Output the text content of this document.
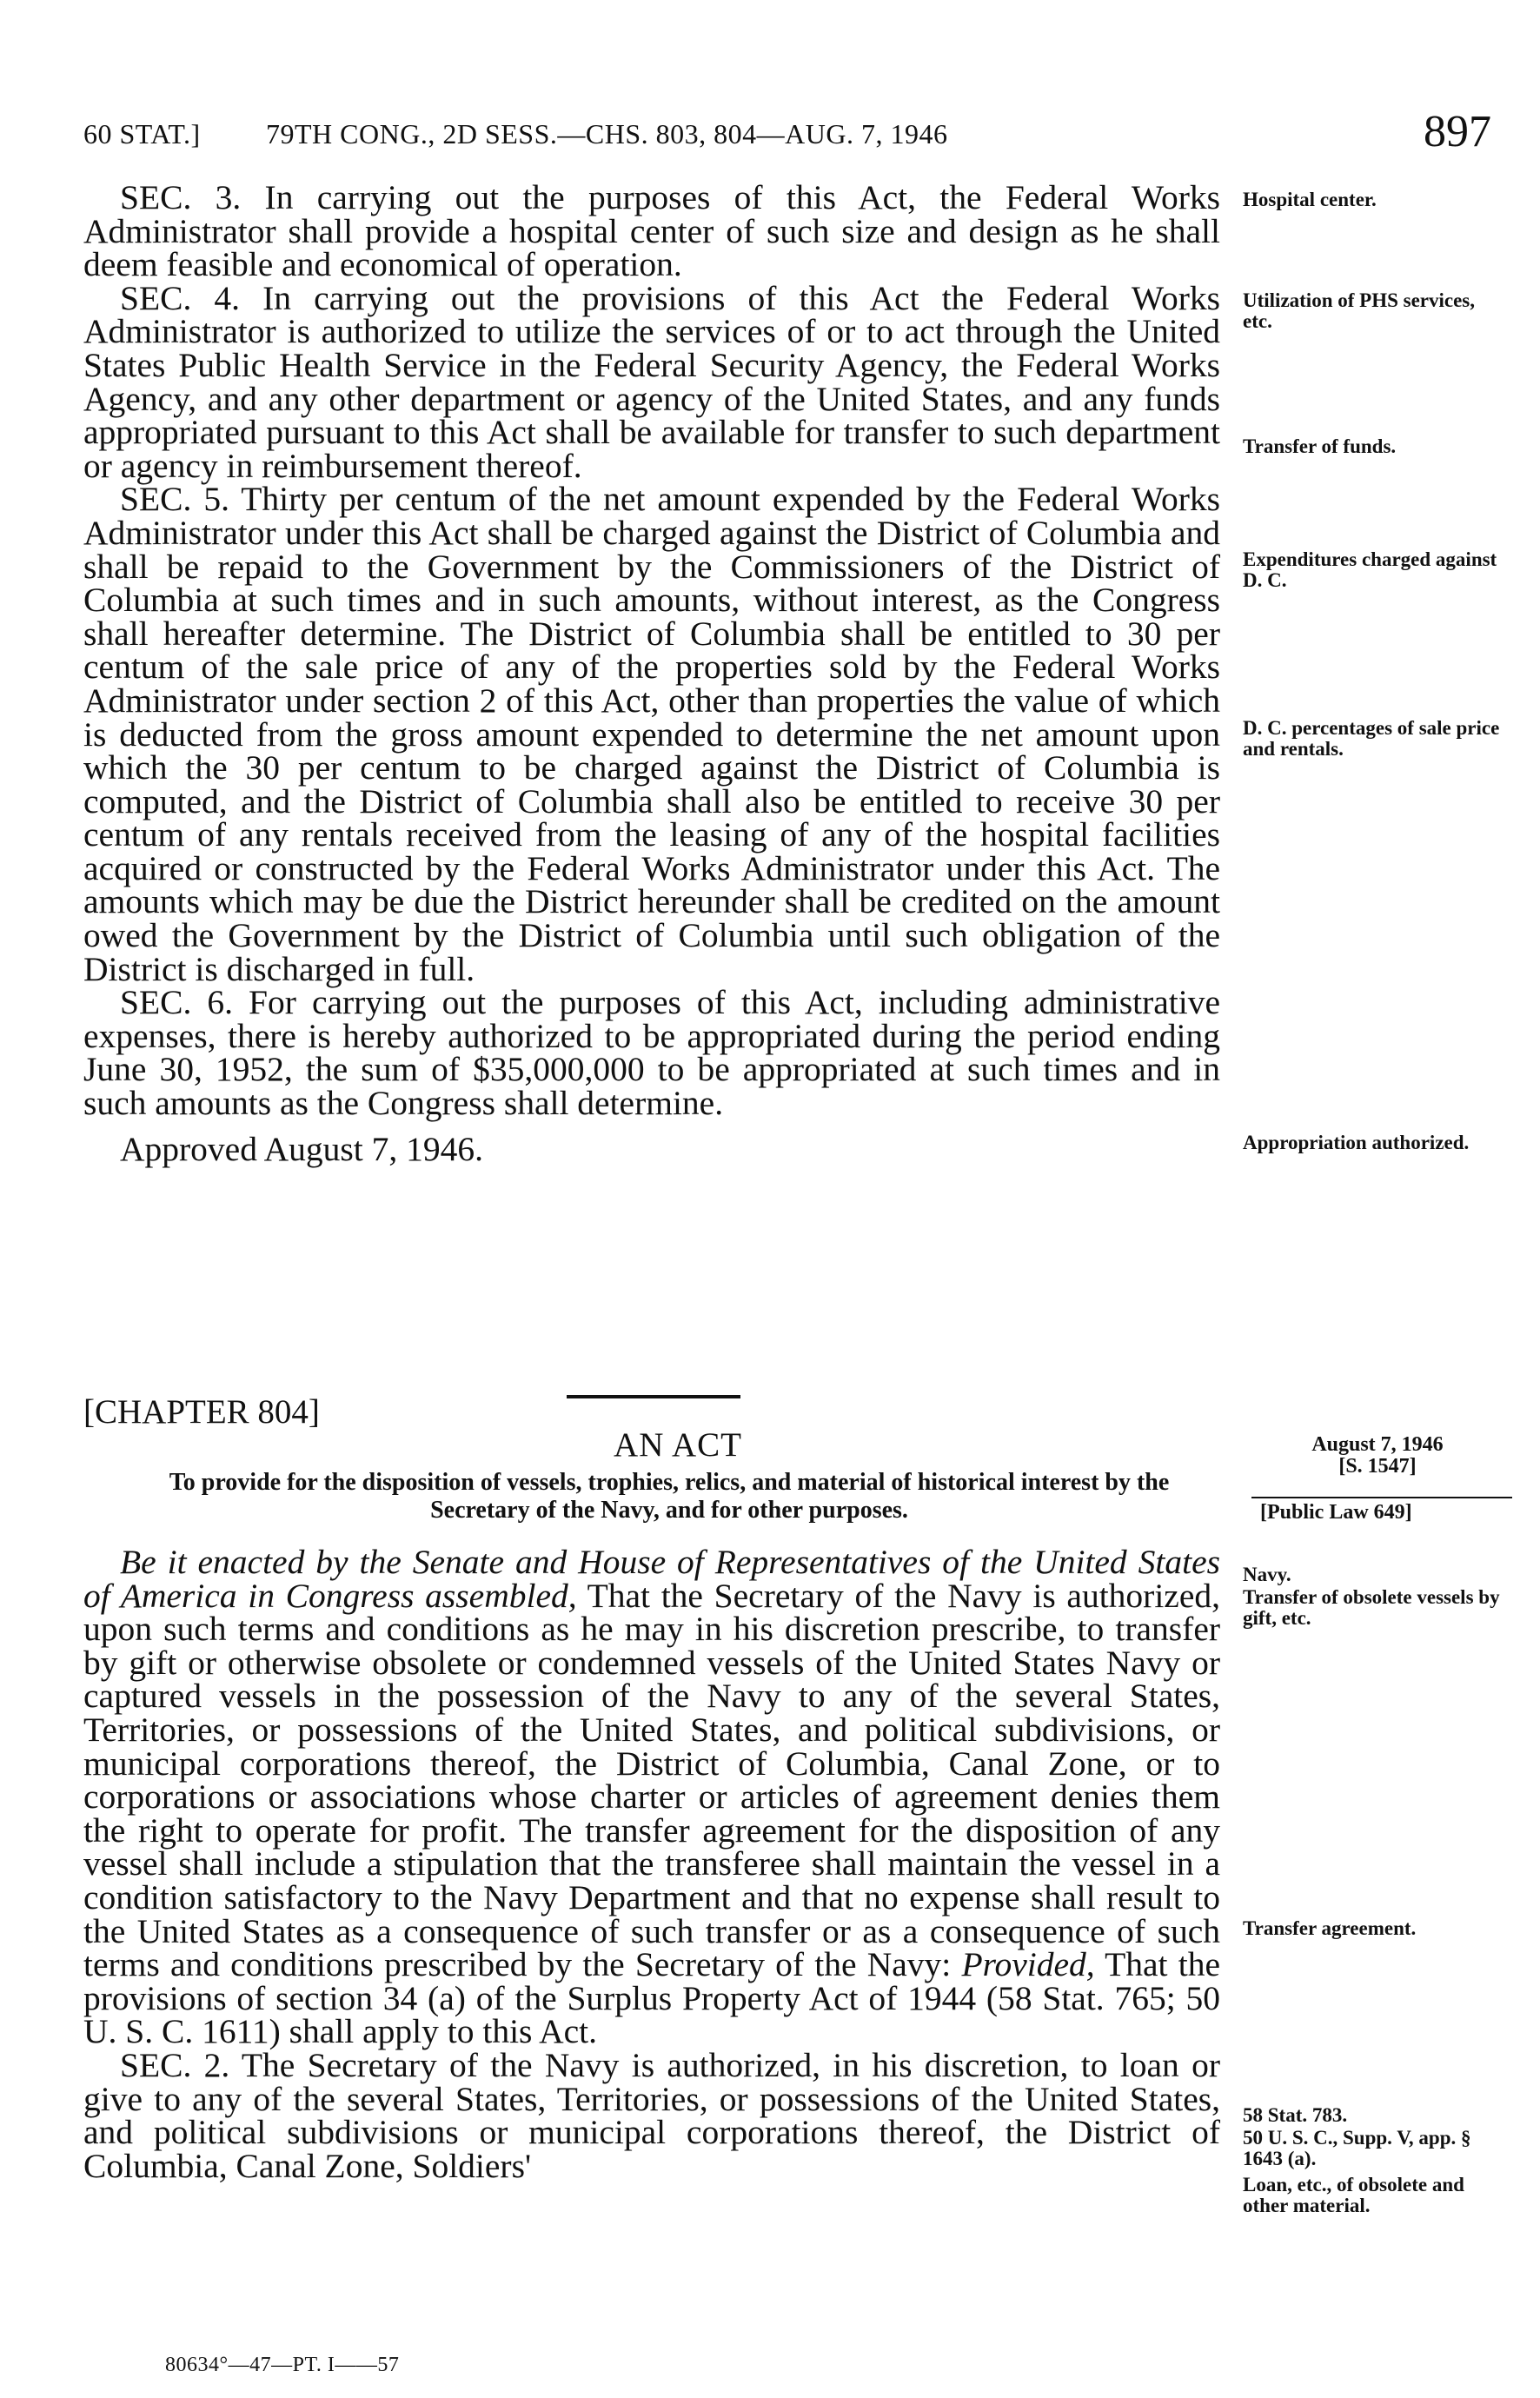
60 STAT.] 79TH CONG., 2D SESS.—CHS. 803, 804—AUG. 7, 1946	897

SEC. 3. In carrying out the purposes of this Act, the Federal Works Administrator shall provide a hospital center of such size and design as he shall deem feasible and economical of operation.

SEC. 4. In carrying out the provisions of this Act the Federal Works Administrator is authorized to utilize the services of or to act through the United States Public Health Service in the Federal Security Agency, the Federal Works Agency, and any other department or agency of the United States, and any funds appropriated pursuant to this Act shall be available for transfer to such department or agency in reimbursement thereof.

SEC. 5. Thirty per centum of the net amount expended by the Federal Works Administrator under this Act shall be charged against the District of Columbia and shall be repaid to the Government by the Commissioners of the District of Columbia at such times and in such amounts, without interest, as the Congress shall hereafter determine. The District of Columbia shall be entitled to 30 per centum of the sale price of any of the properties sold by the Federal Works Administrator under section 2 of this Act, other than properties the value of which is deducted from the gross amount expended to determine the net amount upon which the 30 per centum to be charged against the District of Columbia is computed, and the District of Columbia shall also be entitled to receive 30 per centum of any rentals received from the leasing of any of the hospital facilities acquired or constructed by the Federal Works Administrator under this Act. The amounts which may be due the District hereunder shall be credited on the amount owed the Government by the District of Columbia until such obligation of the District is discharged in full.

SEC. 6. For carrying out the purposes of this Act, including administrative expenses, there is hereby authorized to be appropriated during the period ending June 30, 1952, the sum of $35,000,000 to be appropriated at such times and in such amounts as the Congress shall determine.

Approved August 7, 1946.

[CHAPTER 804]
AN ACT
To provide for the disposition of vessels, trophies, relics, and material of historical interest by the Secretary of the Navy, and for other purposes.

Be it enacted by the Senate and House of Representatives of the United States of America in Congress assembled, That the Secretary of the Navy is authorized, upon such terms and conditions as he may in his discretion prescribe, to transfer by gift or otherwise obsolete or condemned vessels of the United States Navy or captured vessels in the possession of the Navy to any of the several States, Territories, or possessions of the United States, and political subdivisions, or municipal corporations thereof, the District of Columbia, Canal Zone, or to corporations or associations whose charter or articles of agreement denies them the right to operate for profit. The transfer agreement for the disposition of any vessel shall include a stipulation that the transferee shall maintain the vessel in a condition satisfactory to the Navy Department and that no expense shall result to the United States as a consequence of such transfer or as a consequence of such terms and conditions prescribed by the Secretary of the Navy: Provided, That the provisions of section 34 (a) of the Surplus Property Act of 1944 (58 Stat. 765; 50 U. S. C. 1611) shall apply to this Act.

SEC. 2. The Secretary of the Navy is authorized, in his discretion, to loan or give to any of the several States, Territories, or possessions of the United States, and political subdivisions or municipal corporations thereof, the District of Columbia, Canal Zone, Soldiers'

Hospital center.
Utilization of PHS services, etc.
Transfer of funds.
Expenditures charged against D. C.
D. C. percentages of sale price and rentals.
Appropriation authorized.
August 7, 1946
[S. 1547]
[Public Law 649]
Navy.
Transfer of obsolete vessels by gift, etc.
Transfer agreement.
58 Stat. 783.
50 U. S. C., Supp. V, app. § 1643 (a).
Loan, etc., of obsolete and other material.
80634°—47—PT. I——57
